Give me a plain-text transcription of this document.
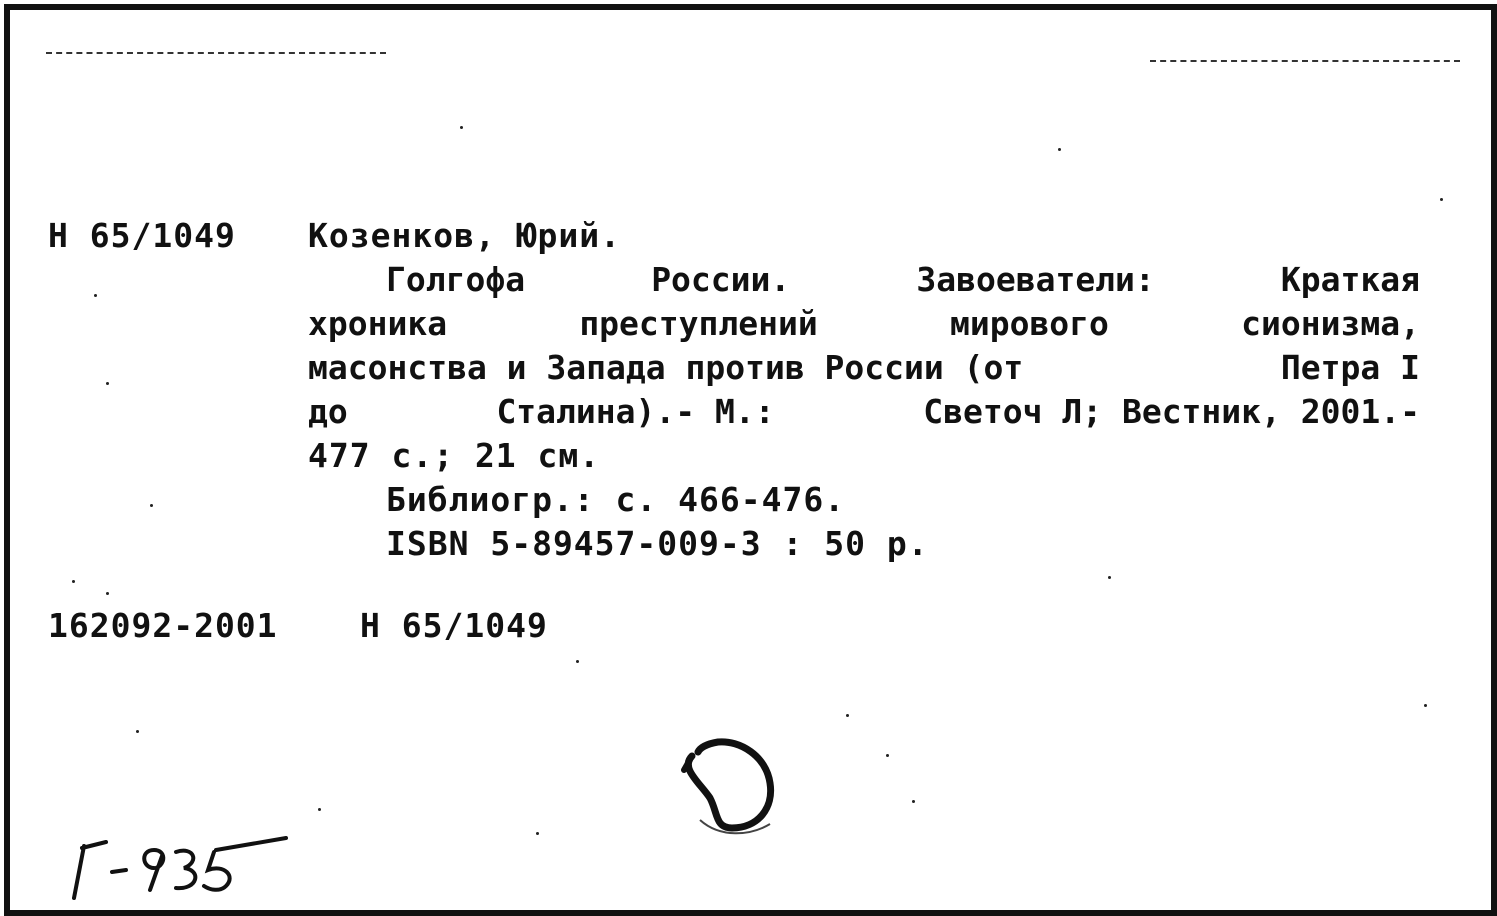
Н 65/1049 Козенков, Юрий.
Голгофа	России.	Завоеватели:	Краткая
хроника	преступлений	мирового	сионизма,
масонства и Запада против России (от	Петра I
до	Сталина).- М.:	Светоч Л; Вестник, 2001.-
477 с.; 21 см.
Библиогр.: с. 466-476.
ISBN 5-89457-009-3 : 50 р.
162092-2001 Н 65/1049
